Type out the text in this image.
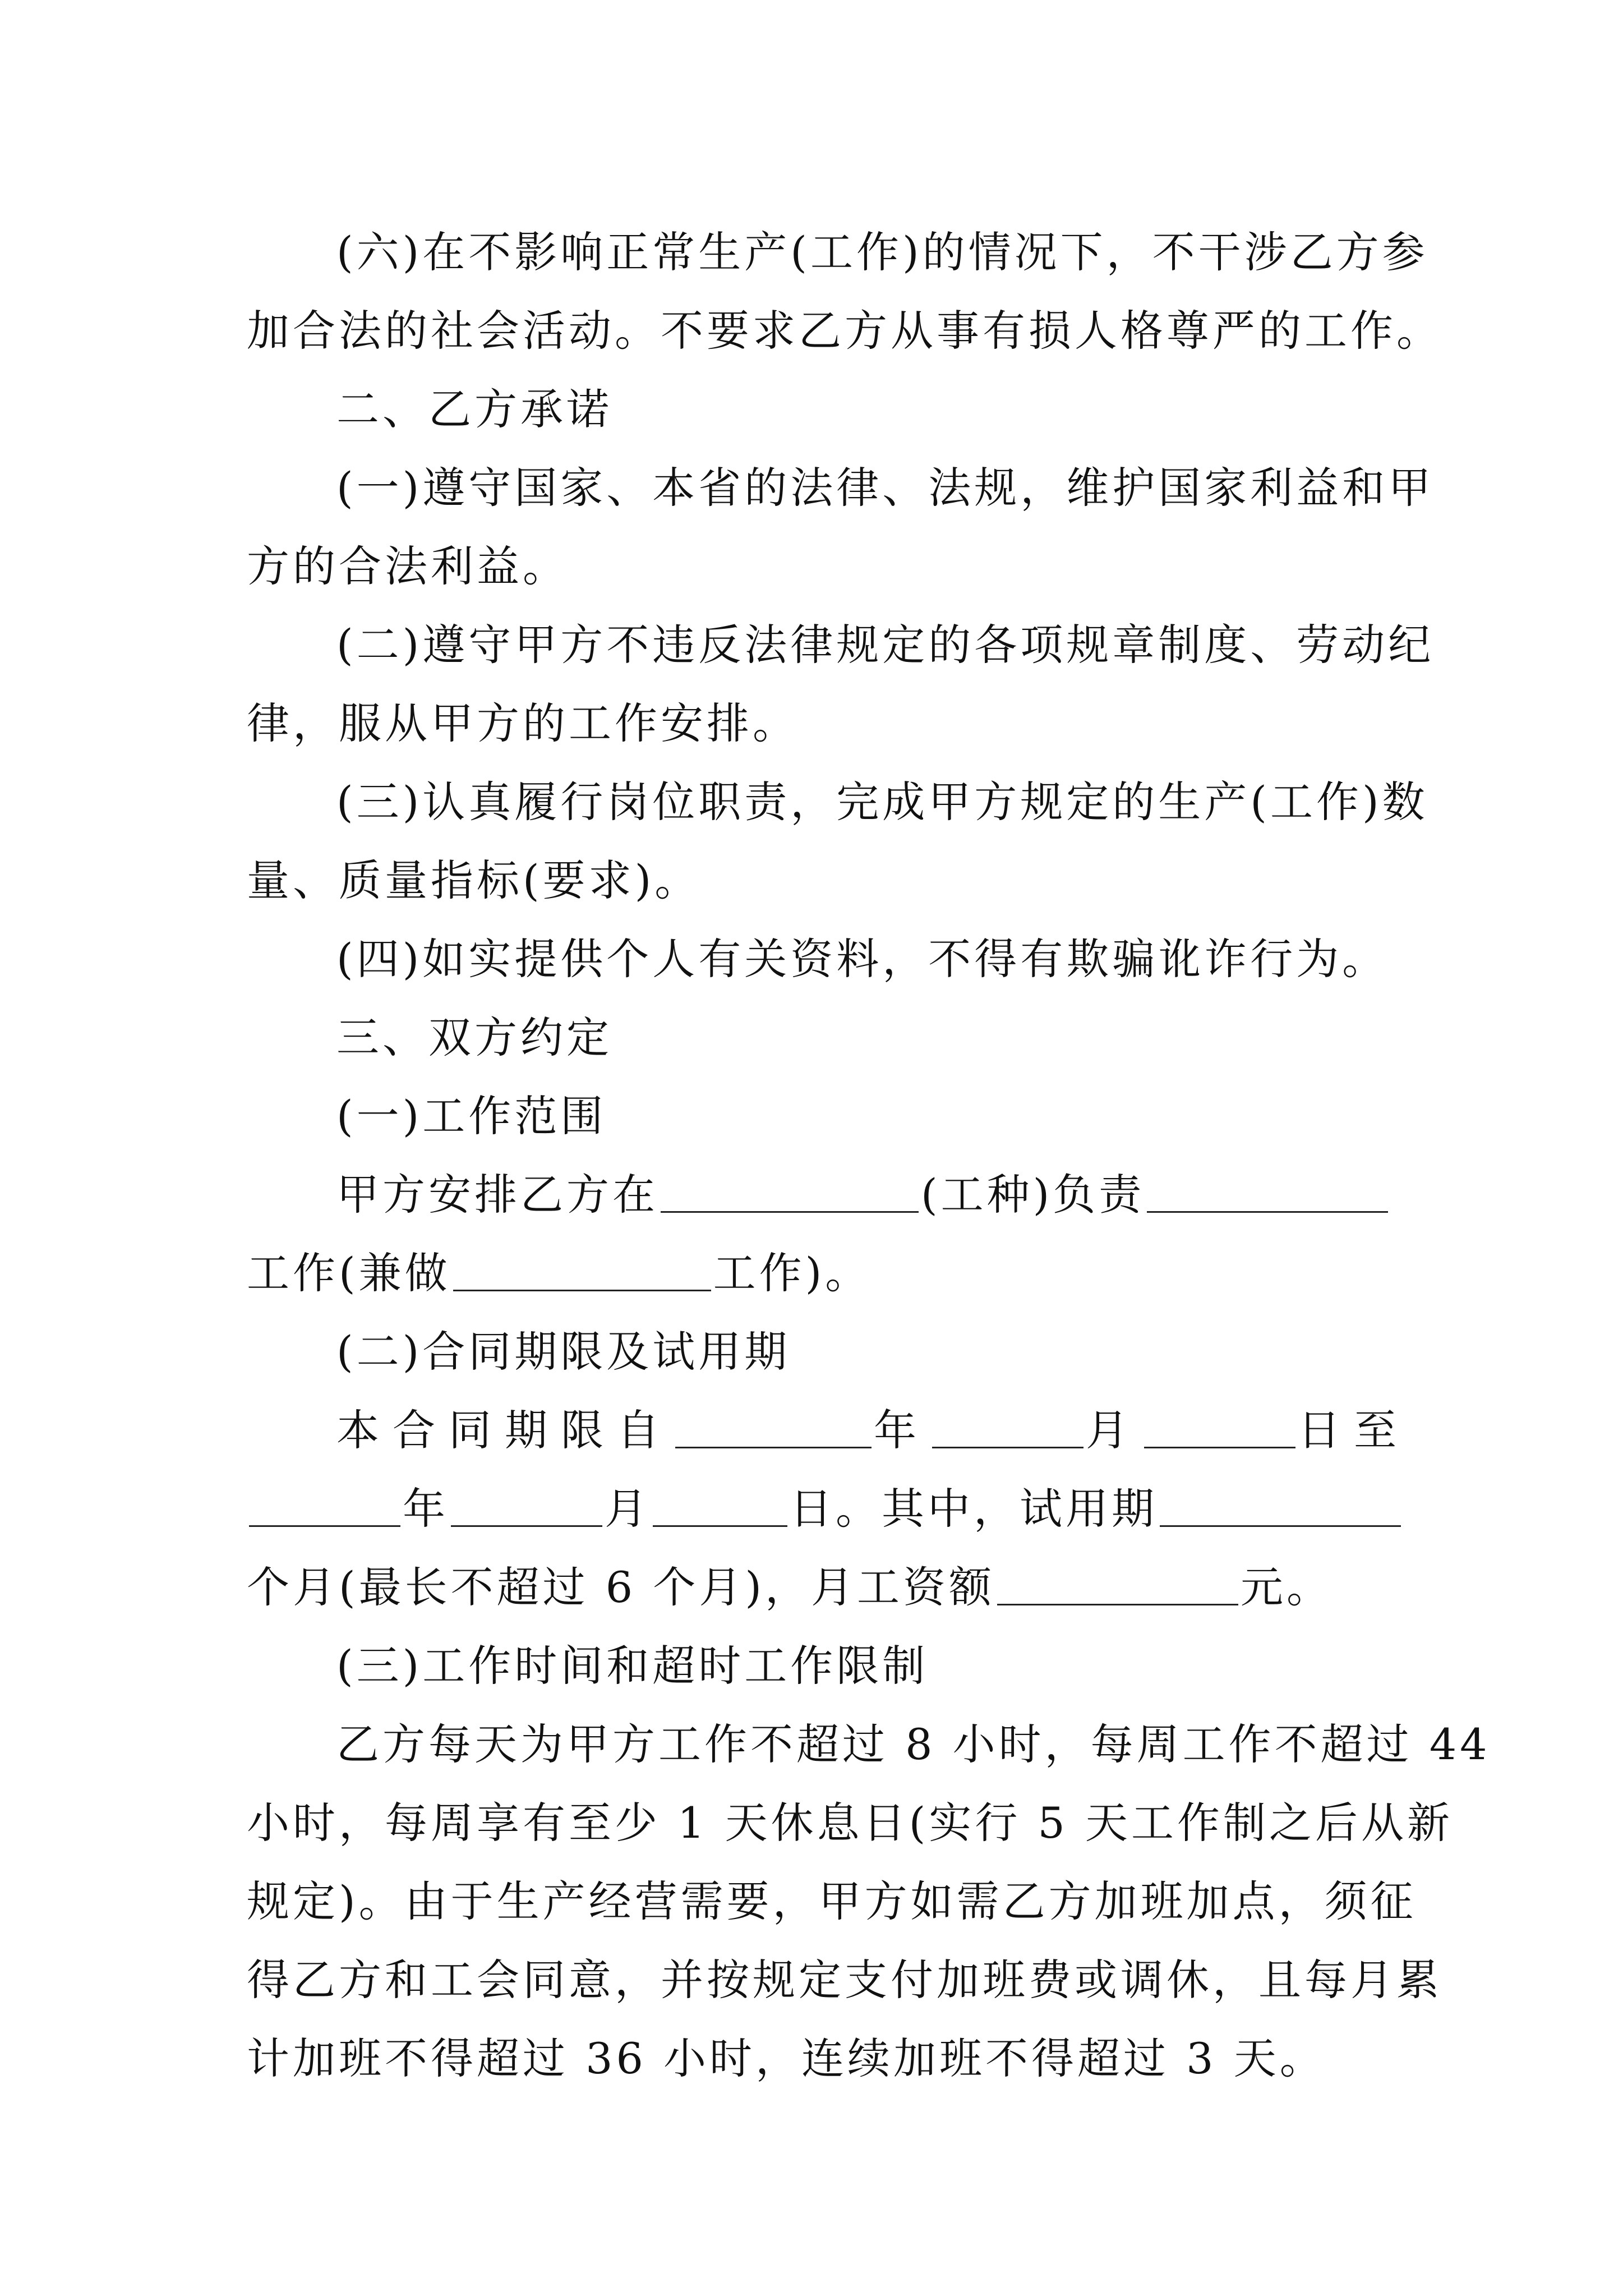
(六)在不影响正常生产(工作)的情况下，不干涉乙方参
加合法的社会活动。不要求乙方从事有损人格尊严的工作。
二、乙方承诺
(一)遵守国家、本省的法律、法规，维护国家利益和甲
方的合法利益。
(二)遵守甲方不违反法律规定的各项规章制度、劳动纪
律，服从甲方的工作安排。
(三)认真履行岗位职责，完成甲方规定的生产(工作)数
量、质量指标(要求)。
(四)如实提供个人有关资料，不得有欺骗讹诈行为。
三、双方约定
(一)工作范围
甲方安排乙方在	(工种)负责
工作(兼做	工作)。
(二)合同期限及试用期
本合同期限自	年	月	日至
年	月	日。其中，试用期
个月(最长不超过 6 个月)，月工资额	元。
(三)工作时间和超时工作限制
乙方每天为甲方工作不超过 8 小时，每周工作不超过 44
小时，每周享有至少 1 天休息日(实行 5 天工作制之后从新
规定)。由于生产经营需要，甲方如需乙方加班加点，须征
得乙方和工会同意，并按规定支付加班费或调休，且每月累
计加班不得超过 36 小时，连续加班不得超过 3 天。
